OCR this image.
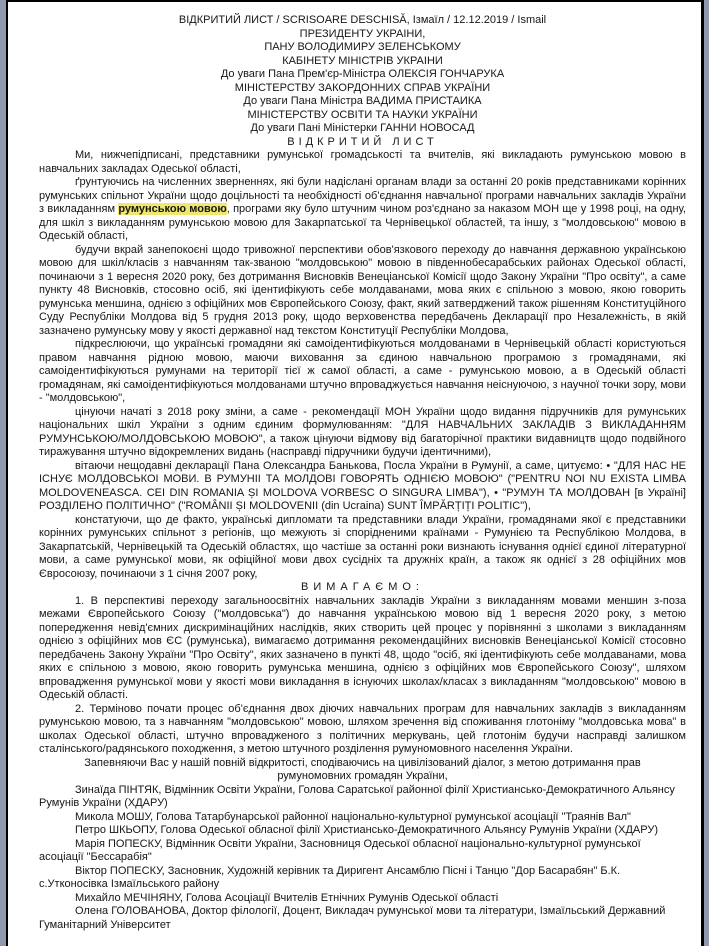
ВІДКРИТИЙ ЛИСТ / SCRISOARE DESCHISĂ, Ізмаїл / 12.12.2019 / Ismail
ПРЕЗИДЕНТУ УКРАІНИ,
ПАНУ ВОЛОДИМИРУ ЗЕЛЕНСЬКОМУ
КАБІНЕТУ МІНІСТРІВ УКРАІНИ
До уваги Пана Прем'єр-Міністра ОЛЕКСІЯ ГОНЧАРУКА
МІНІСТЕРСТВУ ЗАКОРДОННИХ СПРАВ УКРАЇНИ
До уваги Пана Міністра ВАДИМА ПРИСТАИКА
МІНІСТЕРСТВУ ОСВІТИ ТА НАУКИ УКРАЇНИ
До уваги Пані Міністерки ГАННИ НОВОСАД
ВІДКРИТИЙ ЛИСТ

Ми, нижчепідписані, представники румунської громадськості та вчителів, які викладають румунською мовою в навчальних закладах Одеської області,

ґрунтуючись на численних зверненнях, які були надіслані органам влади за останні 20 років представниками корінних румунських спільнот України щодо доцільності та необхідності об'єднання навчальної програми навчальних закладів України з викладанням румунською мовою, програми яку було штучним чином роз'єднано за наказом МОН ще у 1998 році, на одну, для шкіл з викладанням румунською мовою для Закарпатської та Чернівецької областей, та іншу, з "молдовською" мовою в Одеській області,

будучи вкрай занепокоєні щодо тривожної перспективи обов'язкового переходу до навчання державною українською мовою для шкіл/класів з навчанням так-званою "молдовською" мовою в південнобесарабських районах Одеської області, починаючи з 1 вересня 2020 року, без дотримання Висновків Венеціанської Комісії щодо Закону України "Про освіту", а саме пункту 48 Висновків, стосовно осіб, які ідентифікують себе молдаванами, мова яких є спільною з мовою, якою говорить румунська меншина, однією з офіційних мов Європейського Союзу, факт, який затверджений також рішенням Конституційного Суду Республіки Молдова від 5 грудня 2013 року, щодо верховенства передбачень Декларації про Незалежність, в якій зазначено румунську мову у якості державної над текстом Конституції Республіки Молдова,

підкреслюючи, що українські громадяни які самоідентифікуються молдованами в Чернівецькій області користуються правом навчання рідною мовою, маючи виховання за єдиною навчальною програмою з громадянами, які самоідентифікуються румунами на території тієї ж самої області, а саме - румунською мовою, а в Одеській області громадянам, які самоідентифікуються молдованами штучно впроваджується навчання неіснуючою, з научної точки зору, мови - "молдовською",

цінуючи начаті з 2018 року зміни, а саме - рекомендації МОН України щодо видання підручників для румунських національних шкіл України з одним єдиним формулюванням: "ДЛЯ НАВЧАЛЬНИХ ЗАКЛАДІВ З ВИКЛАДАННЯМ РУМУНСЬКОЮ/МОЛДОВСЬКОЮ МОВОЮ", а також цінуючи відмову від багаторічної практики видавництв щодо подвійного тиражування штучно відокремлених видань (насправді підручники будучи ідентичними),

вітаючи нещодавні декларації Пана Олександра Банькова, Посла України в Румунії, а саме, цитуємо: • "ДЛЯ НАС НЕ ІСНУЄ МОЛДОВСЬКОІ МОВИ. В РУМУНІІ ТА МОЛДОВІ ГОВОРЯТЬ ОДНІЄЮ МОВОЮ" ("PENTRU NOI NU EXISTA LIMBA MOLDOVENEASCA. CEI DIN ROMANIA ȘI MOLDOVA VORBESC O SINGURA LIMBA"), • "РУМУН ТА МОЛДОВАН [в Україні] РОЗДІЛЕНО ПОЛІТИЧНО" ("ROMÂNII ȘI MOLDOVENII (din Ucraina) SUNT ÎMPĂRȚIȚI POLITIC"),

констатуючи, що де факто, українські дипломати та представники влади України, громадянами якої є представники корінних румунських спільнот з регіонів, що межують зі спорідненими країнами - Румунією та Республікою Молдова, в Закарпатській, Чернівецькій та Одеській областях, що частіше за останні роки визнають існування однієї єдиної літературної мови, а саме румунської мови, як офіційної мови двох сусідніх та дружніх країн, а також як однієї з 28 офіційних мов Євросоюзу, починаючи з 1 січня 2007 року,

ВИМАГАЄМО:

1. В перспективі переходу загальноосвітніх навчальних закладів України з викладанням мовами меншин з-поза межами Європейського Союзу ("молдовська") до навчання українською мовою від 1 вересня 2020 року, з метою попередження невід'ємних дискримінаційних наслідків, яких створить цей процес у порівнянні з школами з викладанням однією з офіційних мов ЄС (румунська), вимагаємо дотримання рекомендаційних висновків Венеціанської Комісії стосовно передбачень Закону України "Про Освіту", яких зазначено в пункті 48, щодо "осіб, які ідентифікують себе молдаванами, мова яких є спільною з мовою, якою говорить румунська меншина, однією з офіційних мов Європейського Союзу", шляхом впровадження румунської мови у якості мови викладання в існуючих школах/класах з викладанням "молдовською" мовою в Одеській області.

2. Терміново почати процес об'єднання двох діючих навчальних програм для навчальних закладів з викладанням румунською мовою, та з навчанням "молдовською" мовою, шляхом зречення від споживання глотоніму "молдовська мова" в школах Одеської області, штучно впровадженого з політичних меркувань, цей глотонім будучи насправді залишком сталінського/радянського походження, з метою штучного розділення румуномовного населення України.

Запевняючи Вас у нашій повній відкритості, сподіваючись на цивілізований діалог, з метою дотримання прав
румуномовних громадян України,

Зинаїда ПІНТЯК, Відмінник Освіти України, Голова Саратської районної філії Христиансько-Демократичного Альянсу Румунів України (ХДАРУ)

Микола МОШУ, Голова Татарбунарської районної національно-культурної румунської асоціації "Траянів Вал"

Петро ШКЬОПУ, Голова Одеської обласної філії Христиансько-Демократичного Альянсу Румунів України (ХДАРУ)

Марія ПОПЕСКУ, Відмінник Освіти України, Засновниця Одеської обласної національно-культурної румунської асоціації "Бессарабія"

Віктор ПОПЕСКУ, Засновник, Художній керівник та Диригент Ансамблю Пісні і Танцю "Дор Басарабян" Б.К. с.Утконосівка Ізмаїльського району

Михайло МЕЧІНЯНУ, Голова Асоціації Вчителів Етнічних Румунів Одеської області

Олена ГОЛОВАНОВА, Доктор філології, Доцент, Викладач румунської мови та літератури, Ізмаїльський Державний Гуманітарний Університет
